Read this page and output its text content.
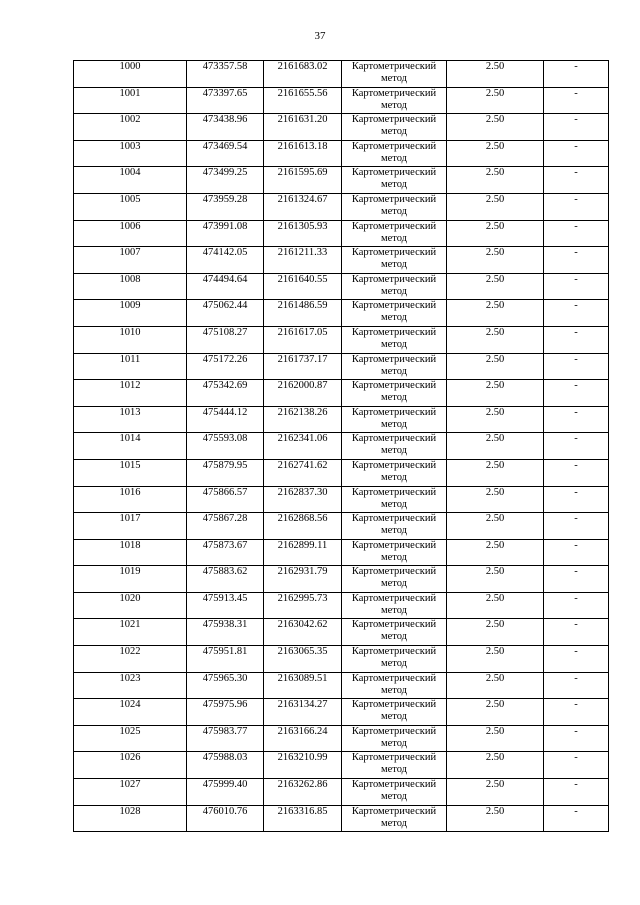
37
1000	473357.58	2161683.02	Картометрический метод	2.50	-
1001	473397.65	2161655.56	Картометрический метод	2.50	-
1002	473438.96	2161631.20	Картометрический метод	2.50	-
1003	473469.54	2161613.18	Картометрический метод	2.50	-
1004	473499.25	2161595.69	Картометрический метод	2.50	-
1005	473959.28	2161324.67	Картометрический метод	2.50	-
1006	473991.08	2161305.93	Картометрический метод	2.50	-
1007	474142.05	2161211.33	Картометрический метод	2.50	-
1008	474494.64	2161640.55	Картометрический метод	2.50	-
1009	475062.44	2161486.59	Картометрический метод	2.50	-
1010	475108.27	2161617.05	Картометрический метод	2.50	-
1011	475172.26	2161737.17	Картометрический метод	2.50	-
1012	475342.69	2162000.87	Картометрический метод	2.50	-
1013	475444.12	2162138.26	Картометрический метод	2.50	-
1014	475593.08	2162341.06	Картометрический метод	2.50	-
1015	475879.95	2162741.62	Картометрический метод	2.50	-
1016	475866.57	2162837.30	Картометрический метод	2.50	-
1017	475867.28	2162868.56	Картометрический метод	2.50	-
1018	475873.67	2162899.11	Картометрический метод	2.50	-
1019	475883.62	2162931.79	Картометрический метод	2.50	-
1020	475913.45	2162995.73	Картометрический метод	2.50	-
1021	475938.31	2163042.62	Картометрический метод	2.50	-
1022	475951.81	2163065.35	Картометрический метод	2.50	-
1023	475965.30	2163089.51	Картометрический метод	2.50	-
1024	475975.96	2163134.27	Картометрический метод	2.50	-
1025	475983.77	2163166.24	Картометрический метод	2.50	-
1026	475988.03	2163210.99	Картометрический метод	2.50	-
1027	475999.40	2163262.86	Картометрический метод	2.50	-
1028	476010.76	2163316.85	Картометрический метод	2.50	-
